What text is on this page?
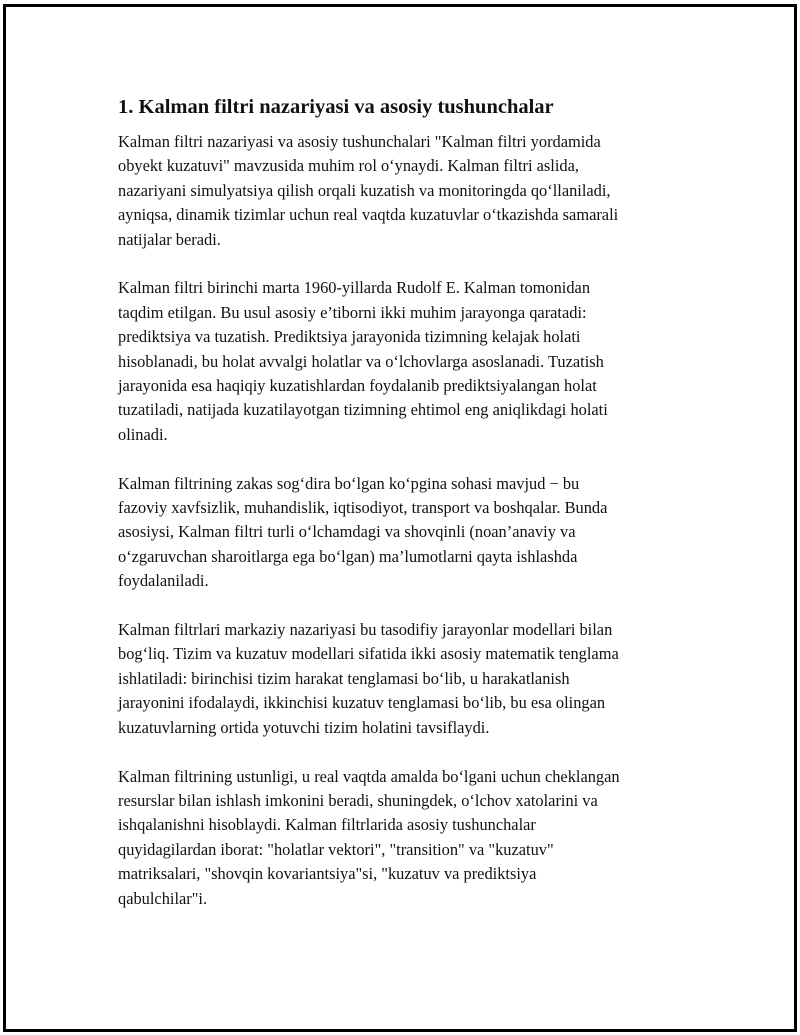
1. Kalman filtri nazariyasi va asosiy tushunchalar

Kalman filtri nazariyasi va asosiy tushunchalari "Kalman filtri yordamida
obyekt kuzatuvi" mavzusida muhim rol o‘ynaydi. Kalman filtri aslida,
nazariyani simulyatsiya qilish orqali kuzatish va monitoringda qo‘llaniladi,
ayniqsa, dinamik tizimlar uchun real vaqtda kuzatuvlar o‘tkazishda samarali
natijalar beradi.

Kalman filtri birinchi marta 1960-yillarda Rudolf E. Kalman tomonidan
taqdim etilgan. Bu usul asosiy e’tiborni ikki muhim jarayonga qaratadi:
prediktsiya va tuzatish. Prediktsiya jarayonida tizimning kelajak holati
hisoblanadi, bu holat avvalgi holatlar va o‘lchovlarga asoslanadi. Tuzatish
jarayonida esa haqiqiy kuzatishlardan foydalanib prediktsiyalangan holat
tuzatiladi, natijada kuzatilayotgan tizimning ehtimol eng aniqlikdagi holati
olinadi.

Kalman filtrining zakas sog‘dira bo‘lgan ko‘pgina sohasi mavjud − bu
fazoviy xavfsizlik, muhandislik, iqtisodiyot, transport va boshqalar. Bunda
asosiysi, Kalman filtri turli o‘lchamdagi va shovqinli (noan’anaviy va
o‘zgaruvchan sharoitlarga ega bo‘lgan) ma’lumotlarni qayta ishlashda
foydalaniladi.

Kalman filtrlari markaziy nazariyasi bu tasodifiy jarayonlar modellari bilan
bog‘liq. Tizim va kuzatuv modellari sifatida ikki asosiy matematik tenglama
ishlatiladi: birinchisi tizim harakat tenglamasi bo‘lib, u harakatlanish
jarayonini ifodalaydi, ikkinchisi kuzatuv tenglamasi bo‘lib, bu esa olingan
kuzatuvlarning ortida yotuvchi tizim holatini tavsiflaydi.

Kalman filtrining ustunligi, u real vaqtda amalda bo‘lgani uchun cheklangan
resurslar bilan ishlash imkonini beradi, shuningdek, o‘lchov xatolarini va
ishqalanishni hisoblaydi. Kalman filtrlarida asosiy tushunchalar
quyidagilardan iborat: "holatlar vektori", "transition" va "kuzatuv"
matriksalari, "shovqin kovariantsiya"si, "kuzatuv va prediktsiya
qabulchilar"i.
